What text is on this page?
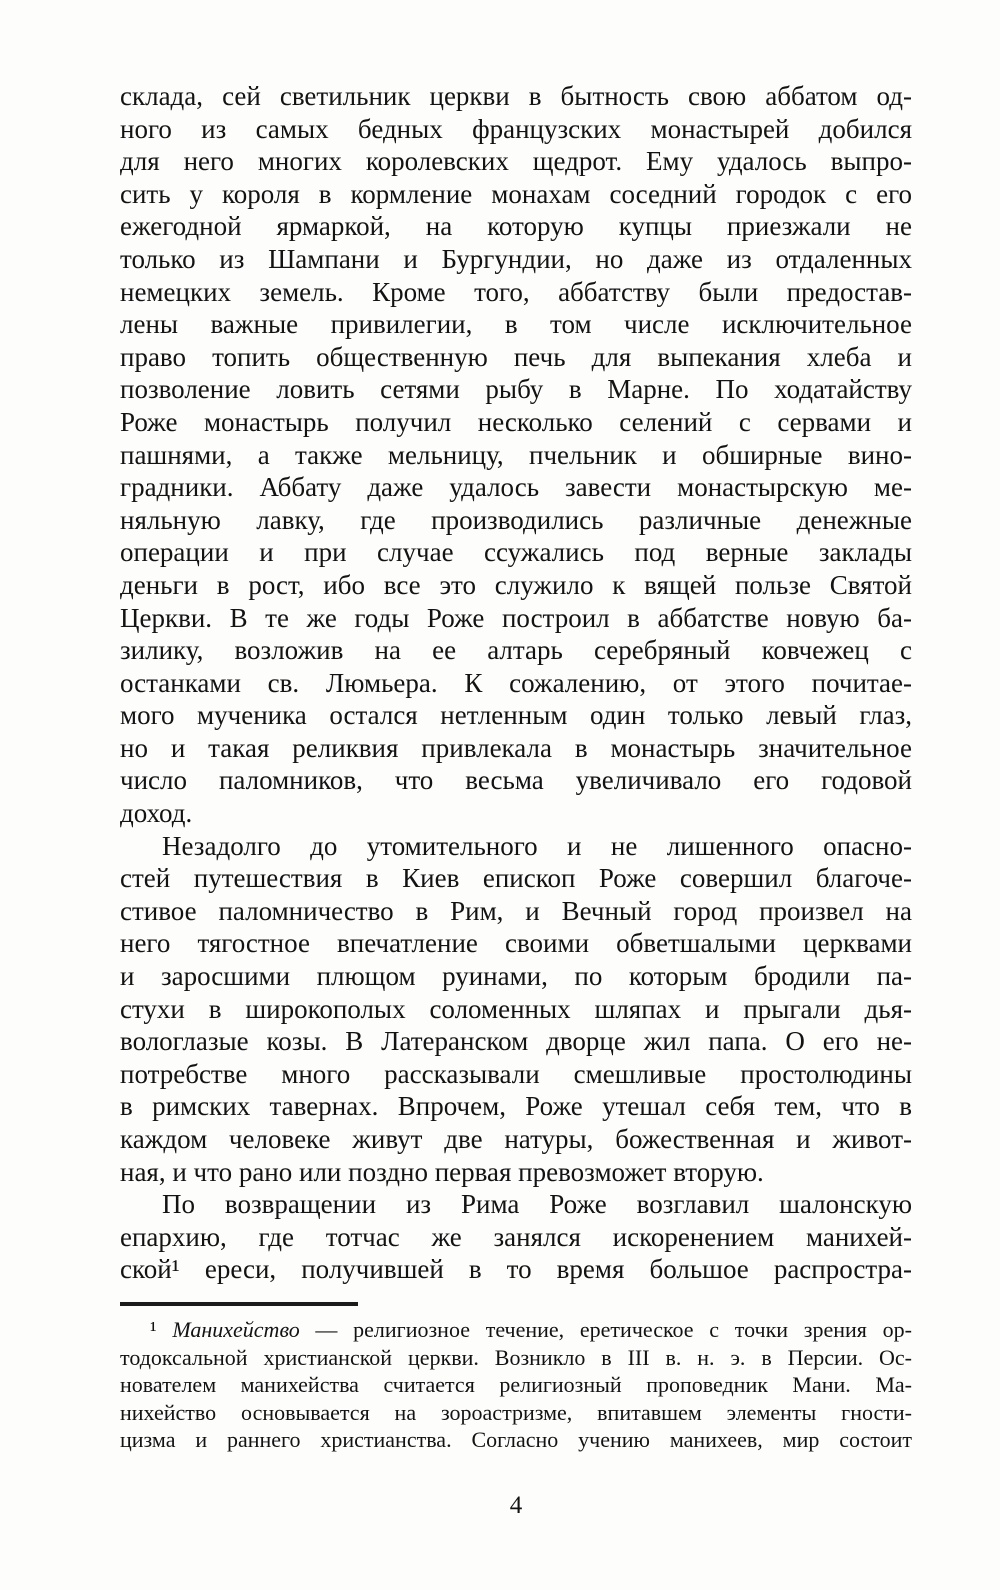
склада, сей светильник церкви в бытность свою аббатом од-
ного из самых бедных французских монастырей добился
для него многих королевских щедрот. Ему удалось выпро-
сить у короля в кормление монахам соседний городок с его
ежегодной ярмаркой, на которую купцы приезжали не
только из Шампани и Бургундии, но даже из отдаленных
немецких земель. Кроме того, аббатству были предостав-
лены важные привилегии, в том числе исключительное
право топить общественную печь для выпекания хлеба и
позволение ловить сетями рыбу в Марне. По ходатайству
Роже монастырь получил несколько селений с сервами и
пашнями, а также мельницу, пчельник и обширные вино-
градники. Аббату даже удалось завести монастырскую ме-
няльную лавку, где производились различные денежные
операции и при случае ссужались под верные заклады
деньги в рост, ибо все это служило к вящей пользе Святой
Церкви. В те же годы Роже построил в аббатстве новую ба-
зилику, возложив на ее алтарь серебряный ковчежец с
останками св. Люмьера. К сожалению, от этого почитае-
мого мученика остался нетленным один только левый глаз,
но и такая реликвия привлекала в монастырь значительное
число паломников, что весьма увеличивало его годовой
доход.
Незадолго до утомительного и не лишенного опасно-
стей путешествия в Киев епископ Роже совершил благоче-
стивое паломничество в Рим, и Вечный город произвел на
него тягостное впечатление своими обветшалыми церквами
и заросшими плющом руинами, по которым бродили па-
стухи в широкополых соломенных шляпах и прыгали дья-
вологлазые козы. В Латеранском дворце жил папа. О его не-
потребстве много рассказывали смешливые простолюдины
в римских тавернах. Впрочем, Роже утешал себя тем, что в
каждом человеке живут две натуры, божественная и живот-
ная, и что рано или поздно первая превозможет вторую.
По возвращении из Рима Роже возглавил шалонскую
епархию, где тотчас же занялся искоренением манихей-
ской¹ ереси, получившей в то время большое распростра-
¹ Манихейство — религиозное течение, еретическое с точки зрения ор-
тодоксальной христианской церкви. Возникло в III в. н. э. в Персии. Ос-
нователем манихейства считается религиозный проповедник Мани. Ма-
нихейство основывается на зороастризме, впитавшем элементы гности-
цизма и раннего христианства. Согласно учению манихеев, мир состоит
4
